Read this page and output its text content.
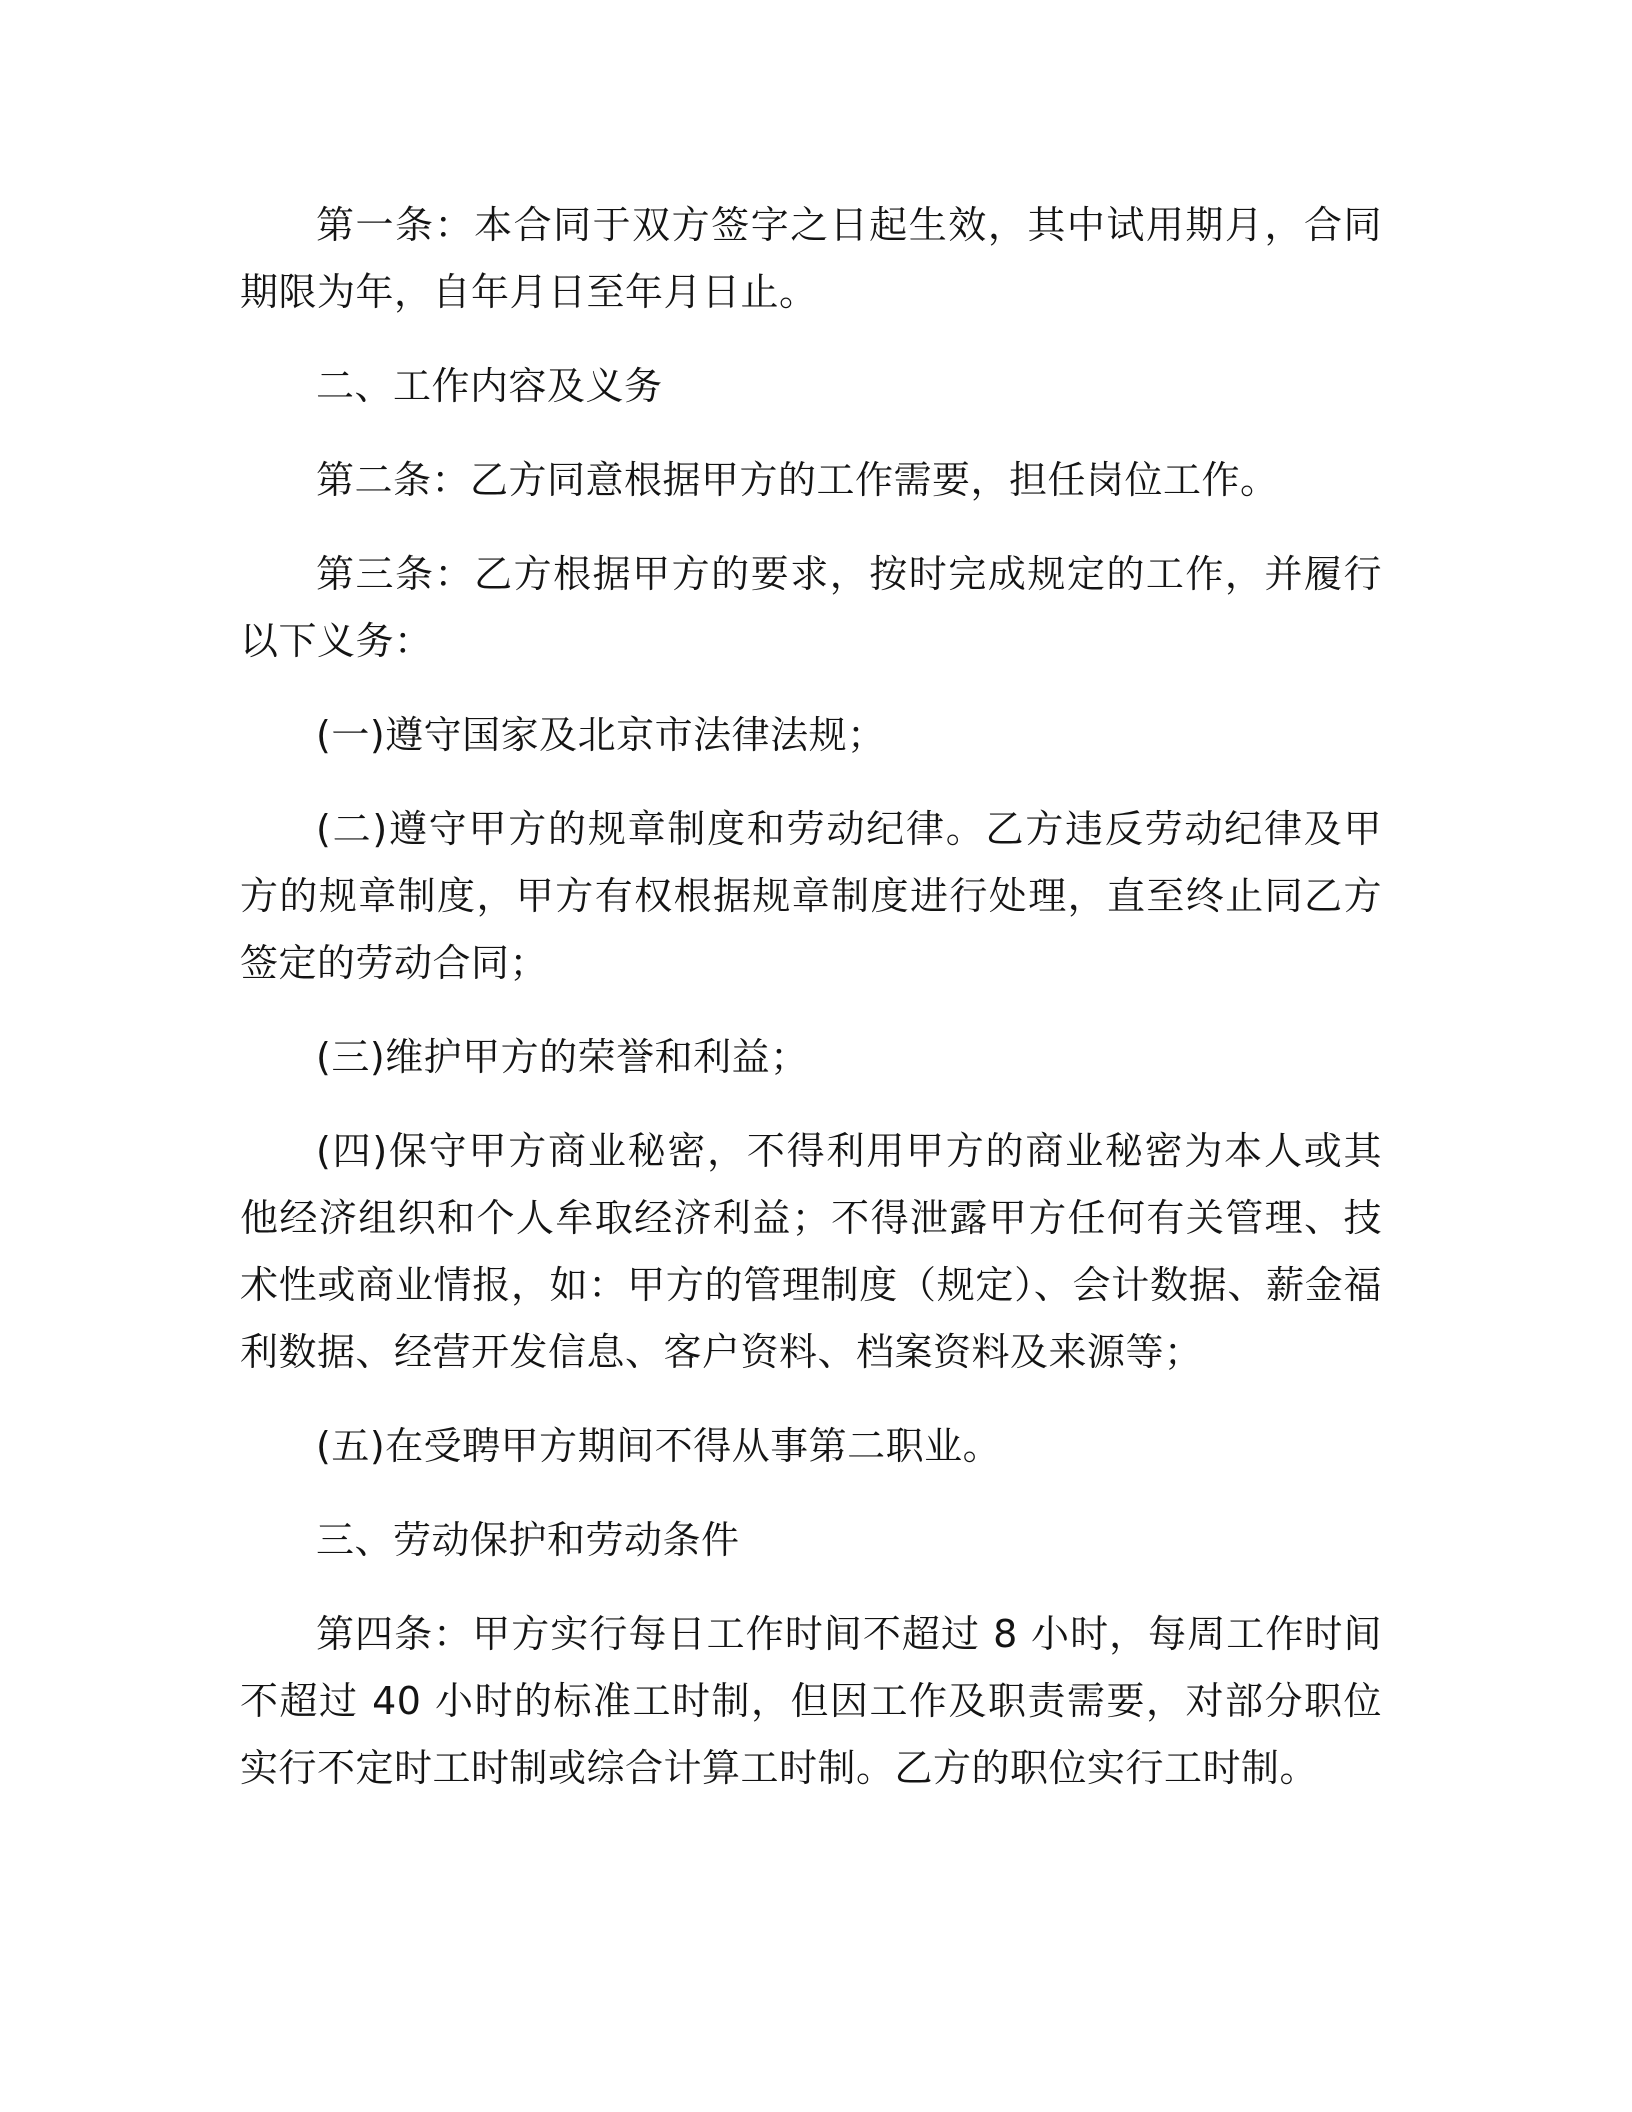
第一条：本合同于双方签字之日起生效，其中试用期月，合同期限为年，自年月日至年月日止。

二、工作内容及义务

第二条：乙方同意根据甲方的工作需要，担任岗位工作。

第三条：乙方根据甲方的要求，按时完成规定的工作，并履行以下义务：

(一)遵守国家及北京市法律法规；

(二)遵守甲方的规章制度和劳动纪律。乙方违反劳动纪律及甲方的规章制度，甲方有权根据规章制度进行处理，直至终止同乙方签定的劳动合同；

(三)维护甲方的荣誉和利益；

(四)保守甲方商业秘密，不得利用甲方的商业秘密为本人或其他经济组织和个人牟取经济利益；不得泄露甲方任何有关管理、技术性或商业情报，如：甲方的管理制度（规定）、会计数据、薪金福利数据、经营开发信息、客户资料、档案资料及来源等；

(五)在受聘甲方期间不得从事第二职业。

三、劳动保护和劳动条件

第四条：甲方实行每日工作时间不超过 8 小时，每周工作时间不超过 40 小时的标准工时制，但因工作及职责需要，对部分职位实行不定时工时制或综合计算工时制。乙方的职位实行工时制。
